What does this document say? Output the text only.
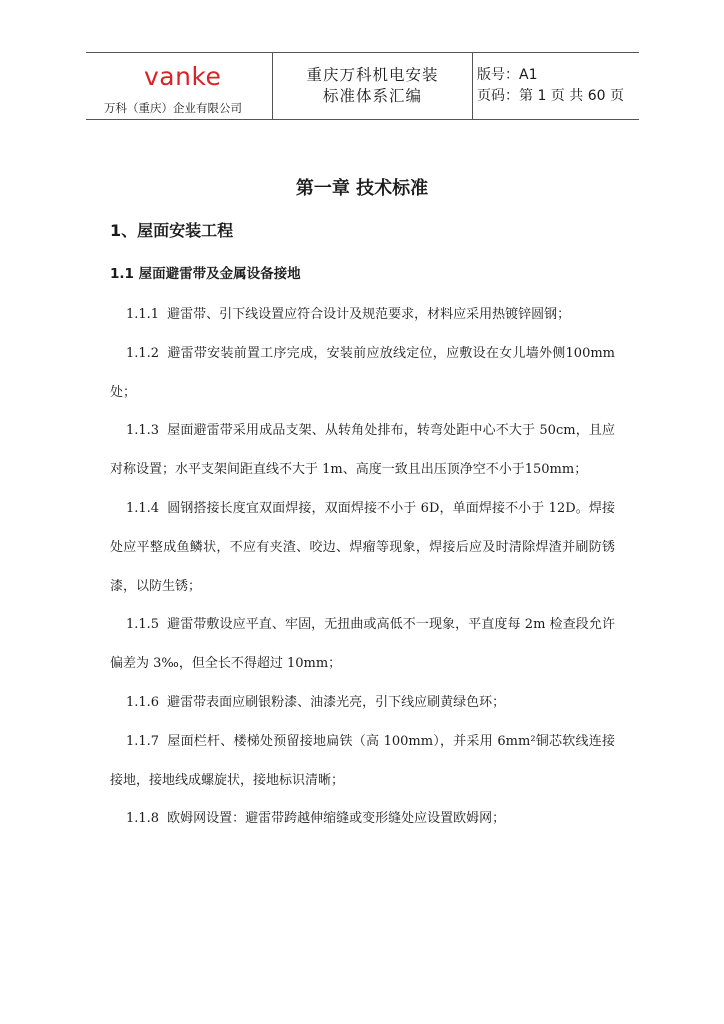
vanke
万科（重庆）企业有限公司
重庆万科机电安装
标准体系汇编
版号：A1
页码：第 1 页 共 60 页
第一章 技术标准
1、屋面安装工程
1.1 屋面避雷带及金属设备接地

1.1.1 避雷带、引下线设置应符合设计及规范要求，材料应采用热镀锌圆钢；

1.1.2 避雷带安装前置工序完成，安装前应放线定位，应敷设在女儿墙外侧100mm 处；

1.1.3 屋面避雷带采用成品支架、从转角处排布，转弯处距中心不大于 50cm，且应对称设置；水平支架间距直线不大于 1m、高度一致且出压顶净空不小于150mm；

1.1.4 圆钢搭接长度宜双面焊接，双面焊接不小于 6D，单面焊接不小于 12D。焊接处应平整成鱼鳞状，不应有夹渣、咬边、焊瘤等现象，焊接后应及时清除焊渣并刷防锈漆，以防生锈；

1.1.5 避雷带敷设应平直、牢固，无扭曲或高低不一现象，平直度每 2m 检查段允许偏差为 3‰，但全长不得超过 10mm；

1.1.6 避雷带表面应刷银粉漆、油漆光亮，引下线应刷黄绿色环；

1.1.7 屋面栏杆、楼梯处预留接地扁铁（高 100mm），并采用 6mm²铜芯软线连接接地，接地线成螺旋状，接地标识清晰；

1.1.8 欧姆网设置：避雷带跨越伸缩缝或变形缝处应设置欧姆网；
